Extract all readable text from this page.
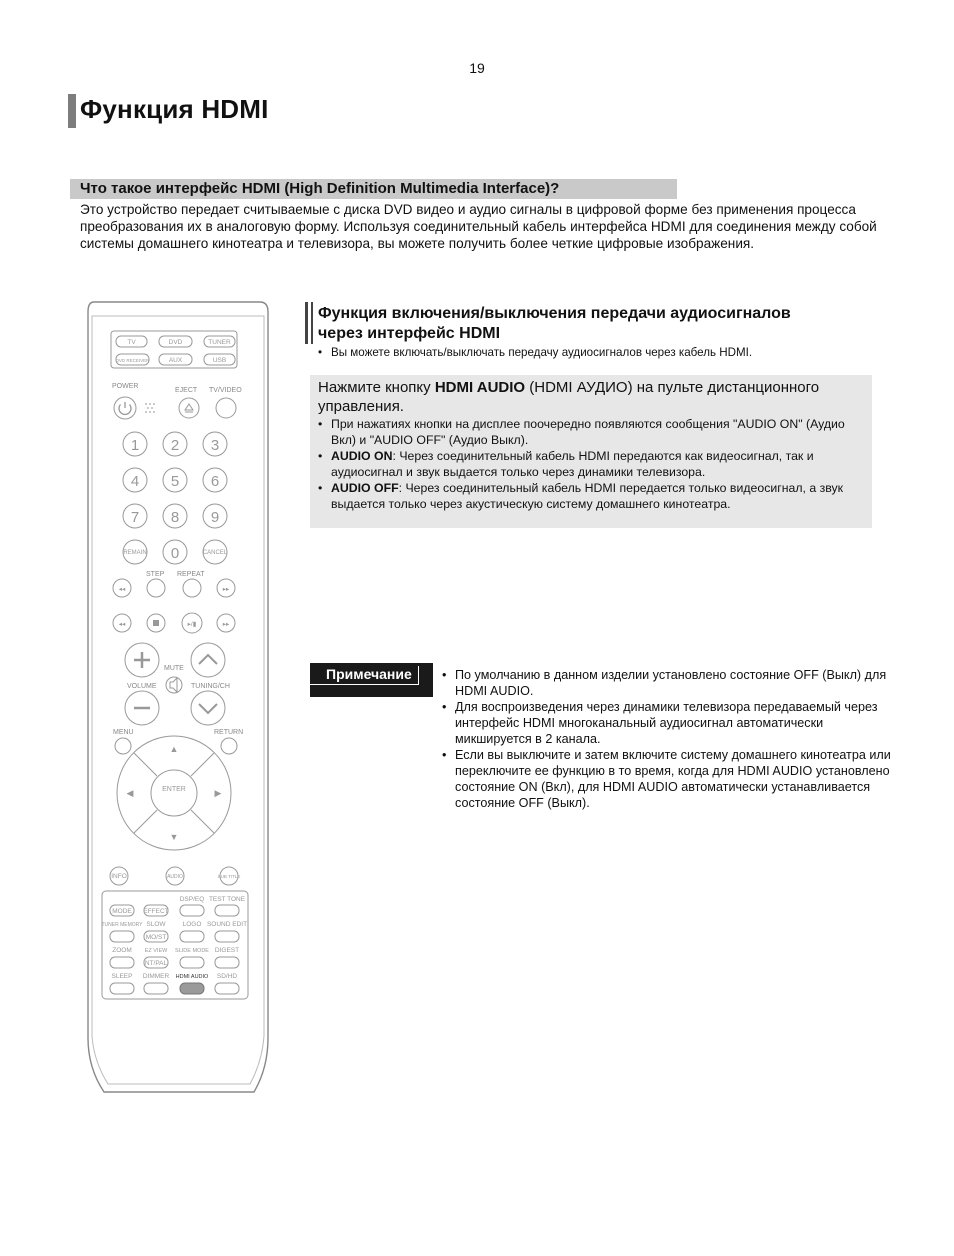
19
Функция HDMI
Что такое интерфейс HDMI (High Definition Multimedia Interface)?
Это устройство передает считываемые с диска DVD видео и аудио сигналы в цифровой форме без применения процесса преобразования их в аналоговую форму. Используя соединительный кабель интерфейса HDMI для соединения между собой системы домашнего кинотеатра и телевизора, вы можете получить более четкие цифровые изображения.
Функция включения/выключения передачи аудиосигналов
через интерфейс HDMI
• Вы можете включать/выключать передачу аудиосигналов через кабель HDMI.
Нажмите кнопку HDMI AUDIO (HDMI АУДИО) на пульте дистанционного управления.
• При нажатиях кнопки на дисплее поочередно появляются сообщения "AUDIO ON" (Аудио Вкл) и "AUDIO OFF" (Аудио Выкл).
• AUDIO ON: Через соединительный кабель HDMI передаются как видеосигнал, так и аудиосигнал и звук выдается только через динамики телевизора.
• AUDIO OFF: Через соединительный кабель HDMI передается только видеосигнал, а звук выдается только через акустическую систему домашнего кинотеатра.
Примечание
•	По умолчанию в данном изделии установлено состояние OFF (Выкл) для HDMI AUDIO.
• Для воспроизведения через динамики телевизора передаваемый через интерфейс HDMI многоканальный аудиосигнал автоматически микшируется в 2 канала.
• Если вы выключите и затем включите систему домашнего кинотеатра или переключите ее функцию в то время, когда для HDMI AUDIO установлено состояние ON (Вкл), для HDMI AUDIO автоматически устанавливается состояние OFF (Выкл).
TV	DVD	TUNER
DVD RECEIVER	AUX	USB
POWER
EJECT TV/VIDEO
1 2 3
4 5 6
7 8 9
REMAIN 0	CANCEL
STEP REPEAT
◂◂	▸▸
▸/▮
◂◂	▸▸
MUTE
VOLUME	TUNING/CH
MENU	RETURN
ENTER
▲
▼
◀	▶
INFO	AUDIO	SUB TITLE
DSP/EQ TEST TONE
MODE EFFECT
TUNER MEMORY SLOW	LOGO SOUND EDIT
MO/ST
ZOOM EZ VIEW SLIDE MODE DIGEST
NT/PAL
SLEEP DIMMER HDMI AUDIO SD/HD
